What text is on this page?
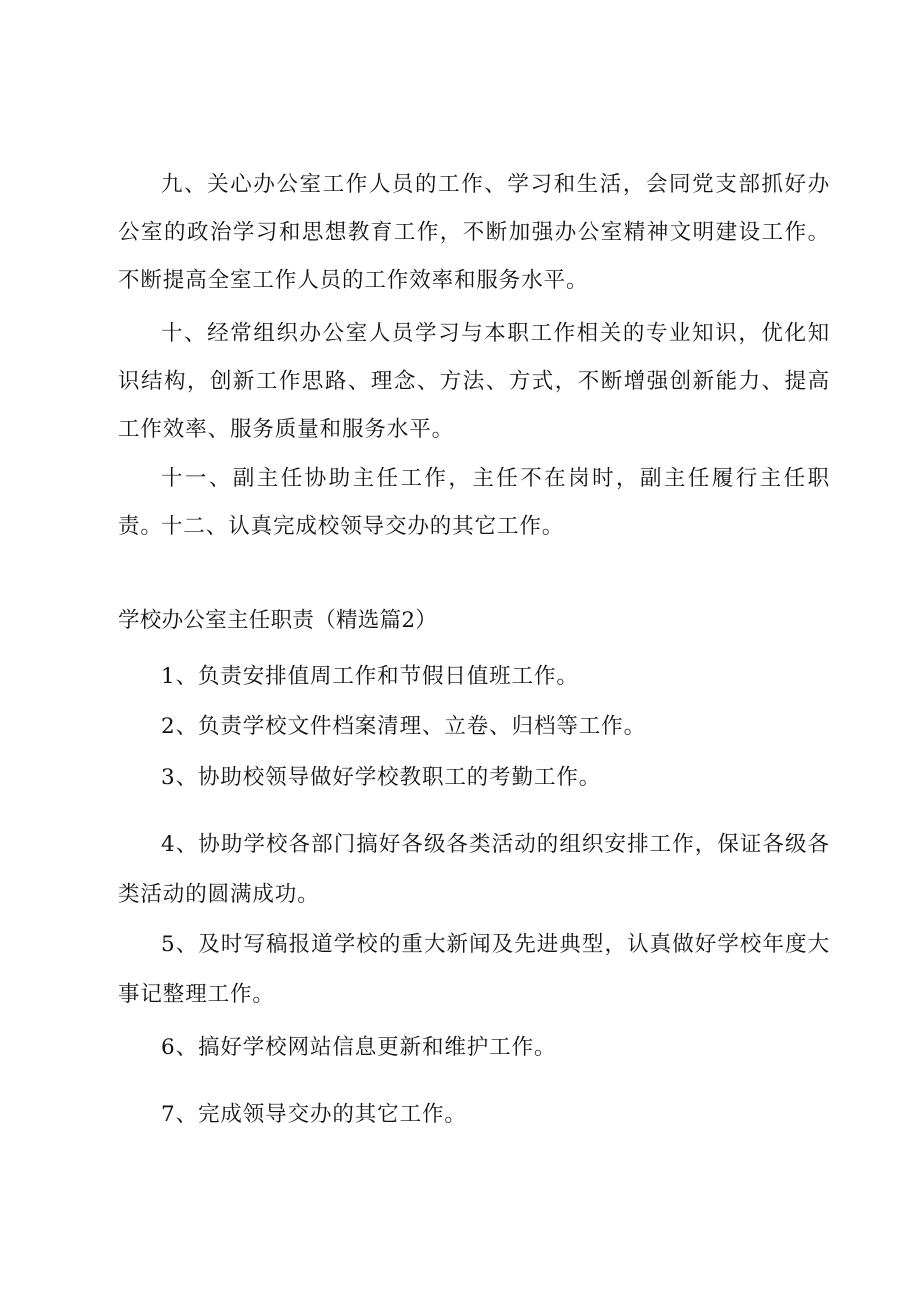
九、关心办公室工作人员的工作、学习和生活，会同党支部抓好办公室的政治学习和思想教育工作，不断加强办公室精神文明建设工作。不断提高全室工作人员的工作效率和服务水平。

十、经常组织办公室人员学习与本职工作相关的专业知识，优化知识结构，创新工作思路、理念、方法、方式，不断增强创新能力、提高工作效率、服务质量和服务水平。

十一、副主任协助主任工作，主任不在岗时，副主任履行主任职责。

十二、认真完成校领导交办的其它工作。

学校办公室主任职责（精选篇2）

1、负责安排值周工作和节假日值班工作。

2、负责学校文件档案清理、立卷、归档等工作。

3、协助校领导做好学校教职工的考勤工作。

4、协助学校各部门搞好各级各类活动的组织安排工作，保证各级各类活动的圆满成功。

5、及时写稿报道学校的重大新闻及先进典型，认真做好学校年度大事记整理工作。

6、搞好学校网站信息更新和维护工作。

7、完成领导交办的其它工作。
